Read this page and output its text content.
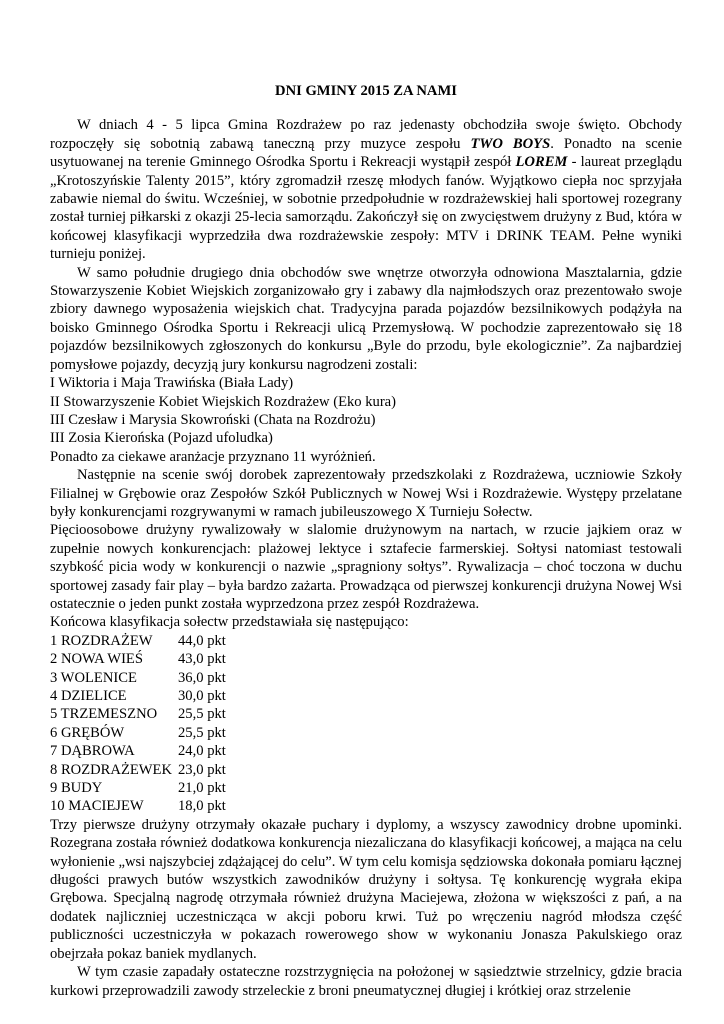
DNI GMINY 2015 ZA NAMI

W dniach 4 - 5 lipca Gmina Rozdrażew po raz jedenasty obchodziła swoje święto. Obchody rozpoczęły się sobotnią zabawą taneczną przy muzyce zespołu TWO BOYS. Ponadto na scenie usytuowanej na terenie Gminnego Ośrodka Sportu i Rekreacji wystąpił zespół LOREM - laureat przeglądu „Krotoszyńskie Talenty 2015”, który zgromadził rzeszę młodych fanów. Wyjątkowo ciepła noc sprzyjała zabawie niemal do świtu. Wcześniej, w sobotnie przedpołudnie w rozdrażewskiej hali sportowej rozegrany został turniej piłkarski z okazji 25-lecia samorządu. Zakończył się on zwycięstwem drużyny z Bud, która w końcowej klasyfikacji wyprzedziła dwa rozdrażewskie zespoły: MTV i DRINK TEAM. Pełne wyniki turnieju poniżej.

W samo południe drugiego dnia obchodów swe wnętrze otworzyła odnowiona Masztalarnia, gdzie Stowarzyszenie Kobiet Wiejskich zorganizowało gry i zabawy dla najmłodszych oraz prezentowało swoje zbiory dawnego wyposażenia wiejskich chat. Tradycyjna parada pojazdów bezsilnikowych podążyła na boisko Gminnego Ośrodka Sportu i Rekreacji ulicą Przemysłową. W pochodzie zaprezentowało się 18 pojazdów bezsilnikowych zgłoszonych do konkursu „Byle do przodu, byle ekologicznie”. Za najbardziej pomysłowe pojazdy, decyzją jury konkursu nagrodzeni zostali:

I Wiktoria i Maja Trawińska (Biała Lady)

II Stowarzyszenie Kobiet Wiejskich Rozdrażew (Eko kura)

III Czesław i Marysia Skowroński (Chata na Rozdrożu)

III Zosia Kierońska (Pojazd ufoludka)

Ponadto za ciekawe aranżacje przyznano 11 wyróżnień.

Następnie na scenie swój dorobek zaprezentowały przedszkolaki z Rozdrażewa, uczniowie Szkoły Filialnej w Grębowie oraz Zespołów Szkół Publicznych w Nowej Wsi i Rozdrażewie. Występy przelatane były konkurencjami rozgrywanymi w ramach jubileuszowego X Turnieju Sołectw.

Pięcioosobowe drużyny rywalizowały w slalomie drużynowym na nartach, w rzucie jajkiem oraz w zupełnie nowych konkurencjach: plażowej lektyce i sztafecie farmerskiej. Sołtysi natomiast testowali szybkość picia wody w konkurencji o nazwie „spragniony sołtys”. Rywalizacja – choć toczona w duchu sportowej zasady fair play – była bardzo zażarta. Prowadząca od pierwszej konkurencji drużyna Nowej Wsi ostatecznie o jeden punkt została wyprzedzona przez zespół Rozdrażewa.

Końcowa klasyfikacja sołectw przedstawiała się następująco:

1 ROZDRAŻEW	44,0 pkt
2 NOWA WIEŚ	43,0 pkt
3 WOLENICE	36,0 pkt
4 DZIELICE	30,0 pkt
5 TRZEMESZNO	25,5 pkt
6 GRĘBÓW	25,5 pkt
7 DĄBROWA	24,0 pkt
8 ROZDRAŻEWEK 23,0 pkt
9 BUDY	21,0 pkt
10 MACIEJEW	18,0 pkt

Trzy pierwsze drużyny otrzymały okazałe puchary i dyplomy, a wszyscy zawodnicy drobne upominki. Rozegrana została również dodatkowa konkurencja niezaliczana do klasyfikacji końcowej, a mająca na celu wyłonienie „wsi najszybciej zdążającej do celu”. W tym celu komisja sędziowska dokonała pomiaru łącznej długości prawych butów wszystkich zawodników drużyny i sołtysa. Tę konkurencję wygrała ekipa Grębowa. Specjalną nagrodę otrzymała również drużyna Maciejewa, złożona w większości z pań, a na dodatek najliczniej uczestnicząca w akcji poboru krwi. Tuż po wręczeniu nagród młodsza część publiczności uczestniczyła w pokazach rowerowego show w wykonaniu Jonasza Pakulskiego oraz obejrzała pokaz baniek mydlanych.

W tym czasie zapadały ostateczne rozstrzygnięcia na położonej w sąsiedztwie strzelnicy, gdzie bracia kurkowi przeprowadzili zawody strzeleckie z broni pneumatycznej długiej i krótkiej oraz strzelenie
